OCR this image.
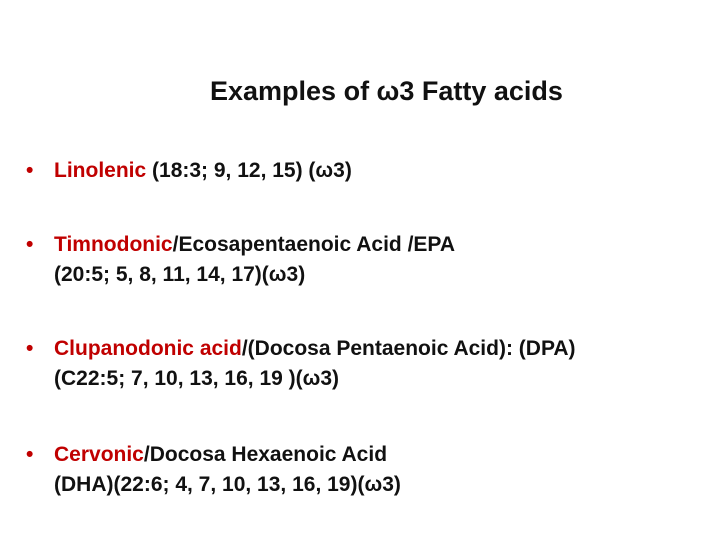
Examples of ω3 Fatty acids
• Linolenic (18:3; 9, 12, 15) (ω3)
• Timnodonic/Ecosapentaenoic Acid /EPA
(20:5; 5, 8, 11, 14, 17)(ω3)
• Clupanodonic acid/(Docosa Pentaenoic Acid): (DPA)
(C22:5; 7, 10, 13, 16, 19 )(ω3)
• Cervonic/Docosa Hexaenoic Acid
(DHA)(22:6; 4, 7, 10, 13, 16, 19)(ω3)
